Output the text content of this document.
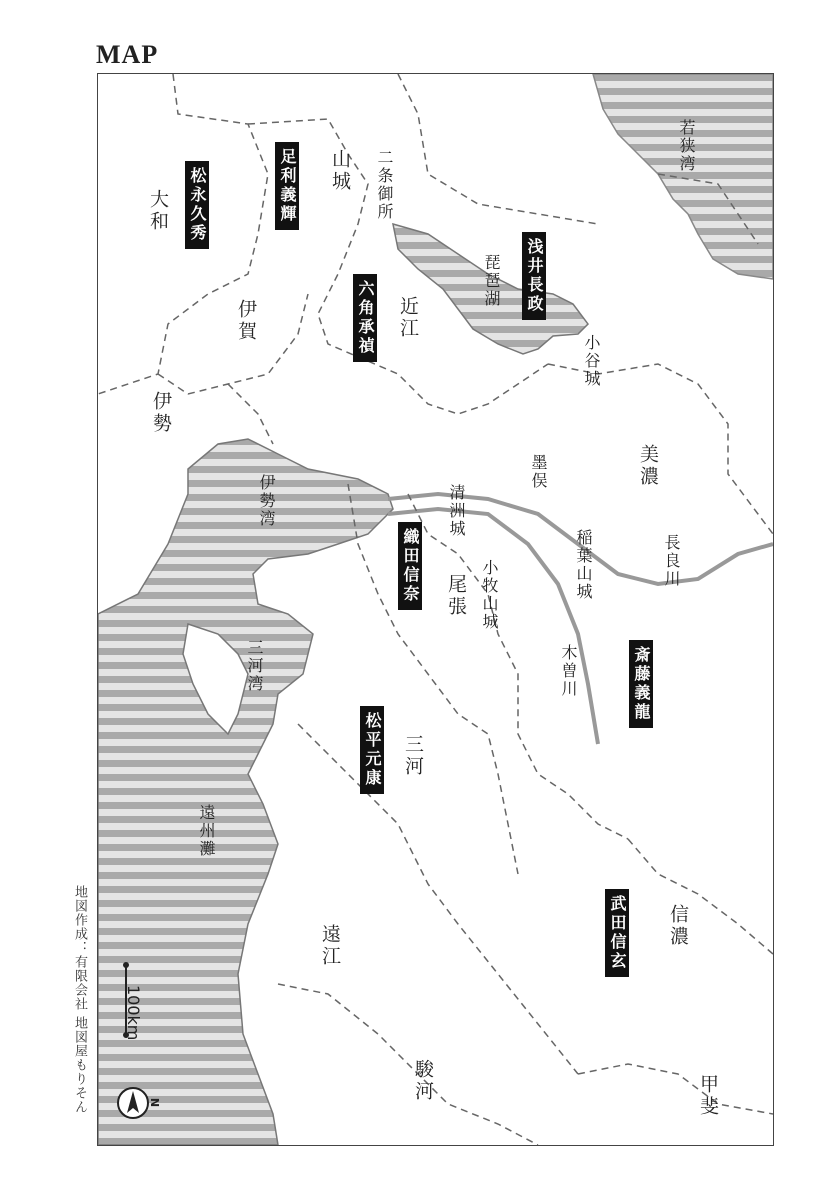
MAP
大和
山城
伊賀	近江
伊勢
美濃
尾張
三河
遠江
駿河
信濃
甲斐
若狭湾
琵琶湖
伊勢湾
三河湾
遠州灘
長良川
木曽川
二条御所
小谷城
清洲城
小牧山城	稲葉山城
墨俣
松永久秀	足利義輝
六角承禎
浅井長政
織田信奈
斎藤義龍
松平元康
武田信玄
地図作成：有限会社 地図屋もりそん 100km
N
